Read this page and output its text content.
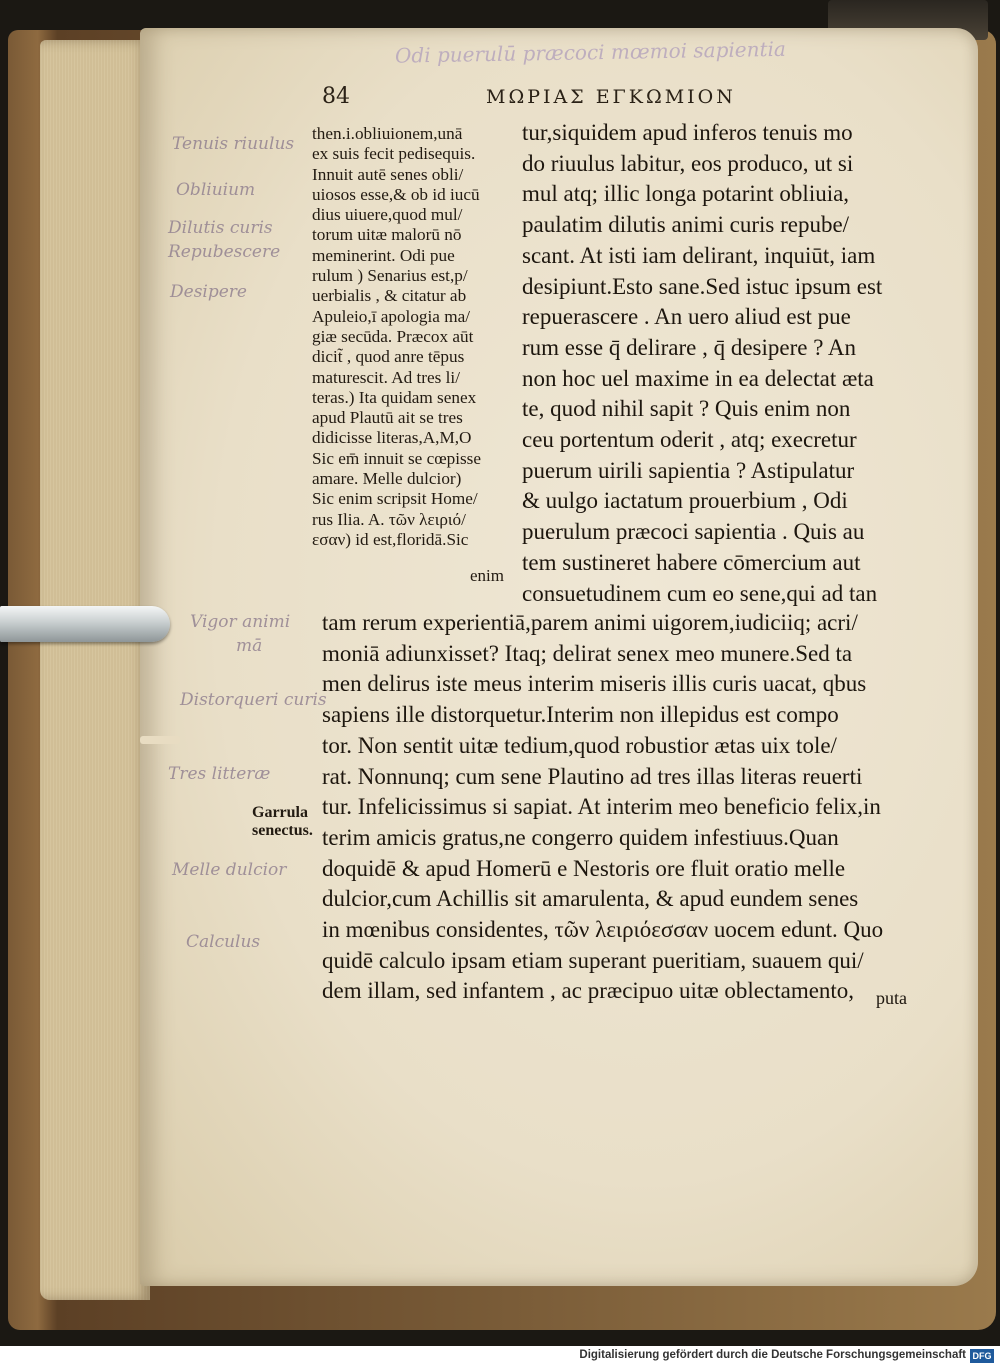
Odi puerulū præcoci mœmoi sapientia
84	ΜΩΡΙΑΣ ΕΓΚΩΜΙΟΝ
then.i.obliuionem,unā
ex suis fecit pedisequis.
Innuit autē senes obli/
uiosos esse,& ob id iucū
dius uiuere,quod mul/
torum uitæ malorū nō
meminerint. Odi pue
rulum ) Senarius est,p/
uerbialis , & citatur ab
Apuleio,ī apologia ma/
giæ secūda. Præcox aūt
dicit̃ , quod anre tēpus
maturescit. Ad tres li/
teras.) Ita quidam senex
apud Plautū ait se tres
didicisse literas,A,M,O
Sic em̄ innuit se cœpisse
amare. Melle dulcior)
Sic enim scripsit Home/
rus Ilia. A. τῶν λειριό/
εσαν) id est,floridā.Sic
enim
tur,siquidem apud inferos tenuis mo
do riuulus labitur, eos produco, ut si
mul atq; illic longa potarint obliuia,
paulatim dilutis animi curis repube/
scant. At isti iam delirant, inquiūt, iam
desipiunt.Esto sane.Sed istuc ipsum est
repuerascere . An uero aliud est pue
rum esse q̄ delirare , q̄ desipere ? An
non hoc uel maxime in ea delectat æta
te, quod nihil sapit ? Quis enim non
ceu portentum oderit , atq; execretur
puerum uirili sapientia ? Astipulatur
& uulgo iactatum prouerbium , Odi
puerulum præcoci sapientia . Quis au
tem sustineret habere cōmercium aut
consuetudinem cum eo sene,qui ad tan
tam rerum experientiā,parem animi uigorem,iudiciiq; acri/
moniā adiunxisset? Itaq; delirat senex meo munere.Sed ta
men delirus iste meus interim miseris illis curis uacat, qbus
sapiens ille distorquetur.Interim non illepidus est compo
tor. Non sentit uitæ tedium,quod robustior ætas uix tole/
rat. Nonnunq; cum sene Plautino ad tres illas literas reuerti
tur. Infelicissimus si sapiat. At interim meo beneficio felix,in
terim amicis gratus,ne congerro quidem infestiuus.Quan
doquidē & apud Homerū e Nestoris ore fluit oratio melle
dulcior,cum Achillis sit amarulenta, & apud eundem senes
in mœnibus considentes, τῶν λειριόεσσαν uocem edunt. Quo
quidē calculo ipsam etiam superant pueritiam, suauem qui/
dem illam, sed infantem , ac præcipuo uitæ oblectamento,	puta
Garrula
senectus.
Tenuis riuulus
Obliuium
Dilutis curis
Repubescere
Desipere
Vigor animi
mā
Distorqueri curis
Tres litteræ
Melle dulcior
Calculus
Digitalisierung gefördert durch die Deutsche Forschungsgemeinschaft DFG
